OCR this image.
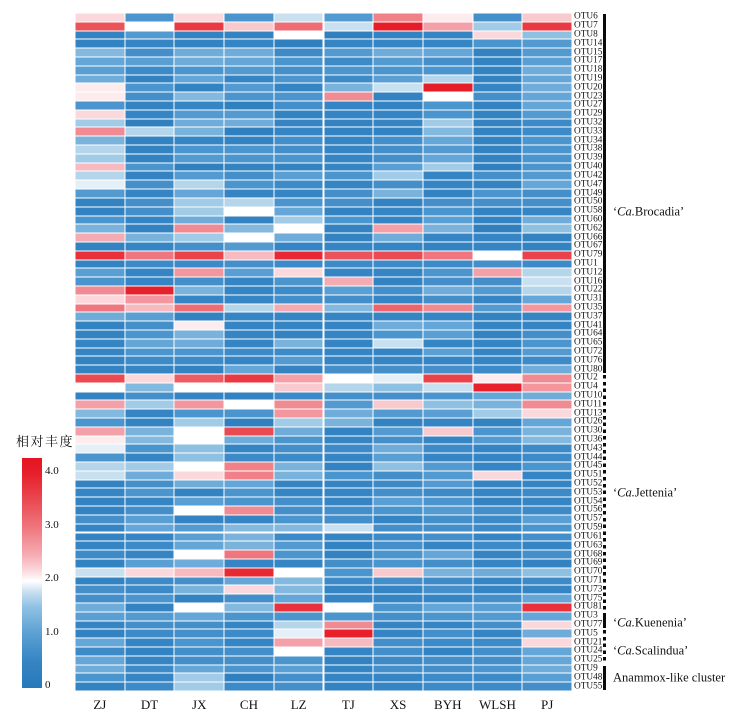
相对丰度
4.0
3.0
2.0
1.0
0
OTU6
OTU7
OTU8
OTU14
OTU15
OTU17
OTU18
OTU19
OTU20
OTU23
OTU27
OTU29
OTU32
OTU33
OTU34
OTU38
OTU39
OTU40
OTU42
OTU47
OTU49
OTU50
OTU58
OTU60
OTU62
OTU66
OTU67
OTU79
OTU1
OTU12
OTU16
OTU22
OTU31
OTU35
OTU37
OTU41
OTU64
OTU65
OTU72
OTU76
OTU80
OTU2
OTU4
OTU10
OTU11
OTU13
OTU26
OTU30
OTU36
OTU43
OTU44
OTU45
OTU51
OTU52
OTU53
OTU54
OTU56
OTU57
OTU59
OTU61
OTU63
OTU68
OTU69
OTU70
OTU71
OTU73
OTU75
OTU81
OTU3
OTU77
OTU5
OTU21
OTU24
OTU25
OTU9
OTU48
OTU55
ZJ	DT	JX	CH	LZ	TJ	XS BYH WLSH PJ
‘Ca.Brocadia’
‘Ca.Jettenia’
‘Ca.Kuenenia’
‘Ca.Scalindua’
Anammox-like cluster
